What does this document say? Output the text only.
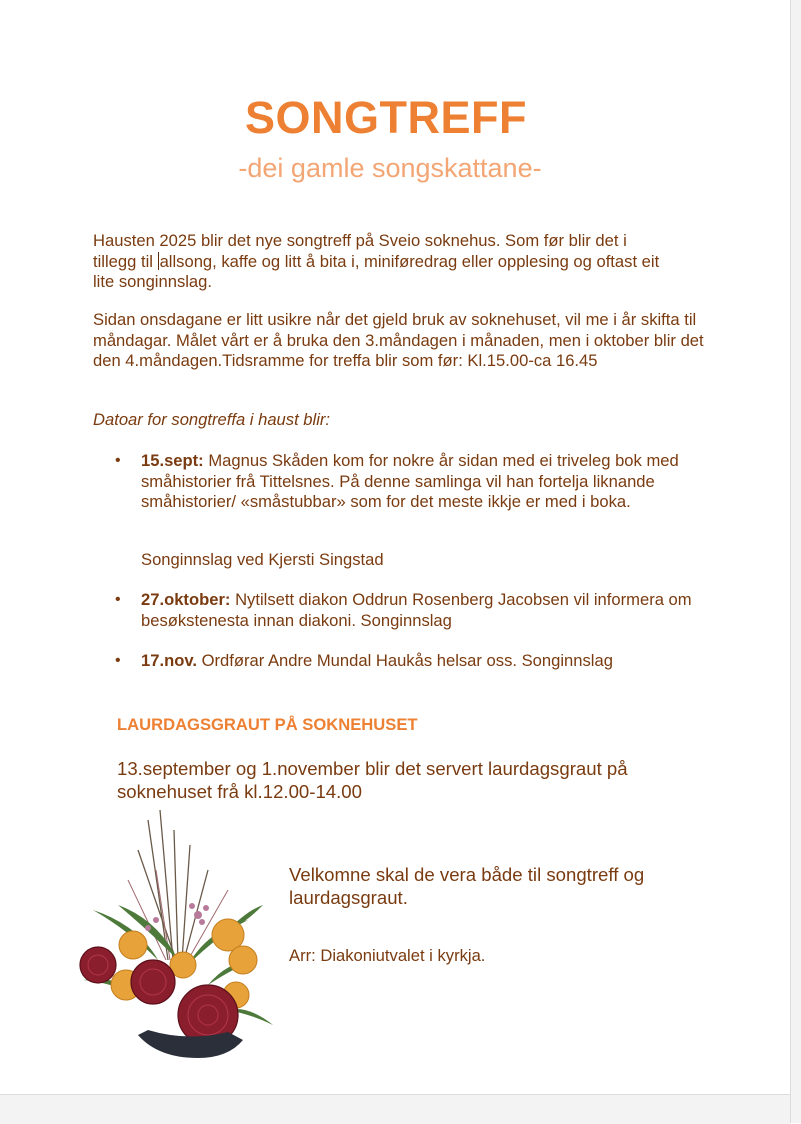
SONGTREFF
-dei gamle songskattane-

Hausten 2025 blir det nye songtreff på Sveio soknehus. Som før blir det i
tillegg til allsong, kaffe og litt å bita i, miniføredrag eller opplesing og oftast eit
lite songinnslag.

Sidan onsdagane er litt usikre når det gjeld bruk av soknehuset, vil me i år skifta til måndagar. Målet vårt er å bruka den 3.måndagen i månaden, men i oktober blir det den 4.måndagen.Tidsramme for treffa blir som før: Kl.15.00-ca 16.45

Datoar for songtreffa i haust blir:

• 15.sept: Magnus Skåden kom for nokre år sidan med ei triveleg bok med småhistorier frå Tittelsnes. På denne samlinga vil han fortelja liknande småhistorier/ «småstubbar» som for det meste ikkje er med i boka.

Songinnslag ved Kjersti Singstad

• 27.oktober: Nytilsett diakon Oddrun Rosenberg Jacobsen vil informera om besøkstenesta innan diakoni. Songinnslag

• 17.nov. Ordførar Andre Mundal Haukås helsar oss. Songinnslag

LAURDAGSGRAUT PÅ SOKNEHUSET

13.september og 1.november blir det servert laurdagsgraut på soknehuset frå kl.12.00-14.00

Velkomne skal de vera både til songtreff og laurdagsgraut.

Arr: Diakoniutvalet i kyrkja.
